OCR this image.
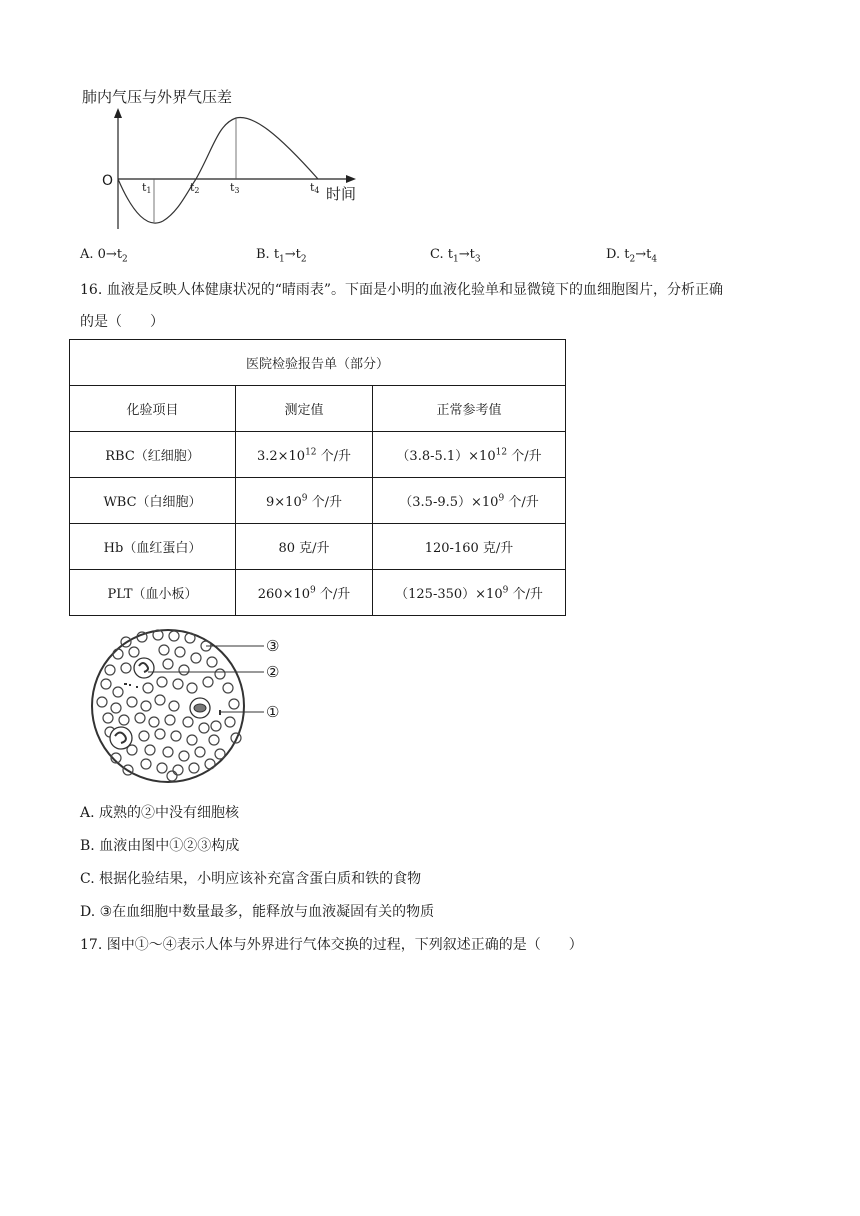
肺内气压与外界气压差
O
时间
t1	t2	t3	t4
A. $0\to t_2$	B. $t_1\to t_2$	C. $t_1\to t_3$	D. $t_2\to t_4$
16. 血液是反映人体健康状况的“晴雨表”。下面是小明的血液化验单和显微镜下的血细胞图片，分析正确
的是（　　）
医院检验报告单（部分）		
化验项目	测定值	正常参考值
RBC（红细胞）	$3.2\times 10^{12}$ 个/升	$(3.8-5.1)\times 10^{12}$ 个/升
WBC（白细胞）	$9\times 10^9$ 个/升	$(3.5-9.5)\times 10^9$ 个/升
Hb（血红蛋白）	80 克/升	120-160 克/升
PLT（血小板）	$260\times 10^9$ 个/升	$(125-350)\times 10^9$ 个/升
③
②
①
A. 成熟的②中没有细胞核
B. 血液由图中①②③构成
C. 根据化验结果，小明应该补充富含蛋白质和铁的食物
D. ③在血细胞中数量最多，能释放与血液凝固有关的物质
17. 图中①～④表示人体与外界进行气体交换的过程，下列叙述正确的是（　　）
